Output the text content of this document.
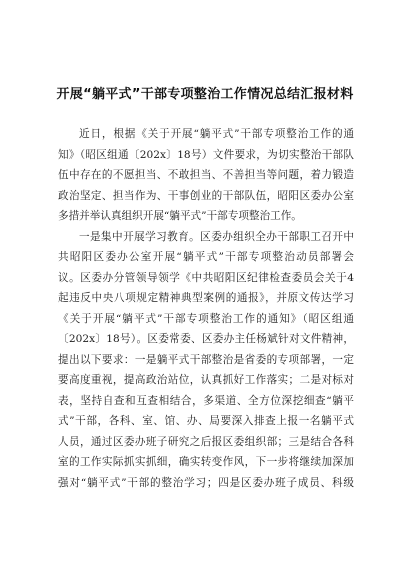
开展“躺平式”干部专项整治工作情况总结汇报材料
近日，根据《关于开展“躺平式”干部专项整治工作的通
知》（昭区组通〔202x〕18号）文件要求，为切实整治干部队
伍中存在的不愿担当、不敢担当、不善担当等问题，着力锻造
政治坚定、担当作为、干事创业的干部队伍，昭阳区委办公室
多措并举认真组织开展“躺平式”干部专项整治工作。
一是集中开展学习教育。区委办组织全办干部职工召开中
共昭阳区委办公室开展“躺平式”干部专项整治动员部署会
议。区委办分管领导领学《中共昭阳区纪律检查委员会关于4
起违反中央八项规定精神典型案例的通报》，并原文传达学习
《关于开展“躺平式”干部专项整治工作的通知》（昭区组通
〔202x〕18号）。区委常委、区委办主任杨斌针对文件精神，
提出以下要求：一是躺平式干部整治是省委的专项部署，一定
要高度重视，提高政治站位，认真抓好工作落实；二是对标对
表，坚持自查和互查相结合，多渠道、全方位深挖细查“躺平
式”干部，各科、室、馆、办、局要深入排查上报一名躺平式
人员，通过区委办班子研究之后报区委组织部；三是结合各科
室的工作实际抓实抓细，确实转变作风，下一步将继续加深加
强对“躺平式”干部的整治学习；四是区委办班子成员、科级
